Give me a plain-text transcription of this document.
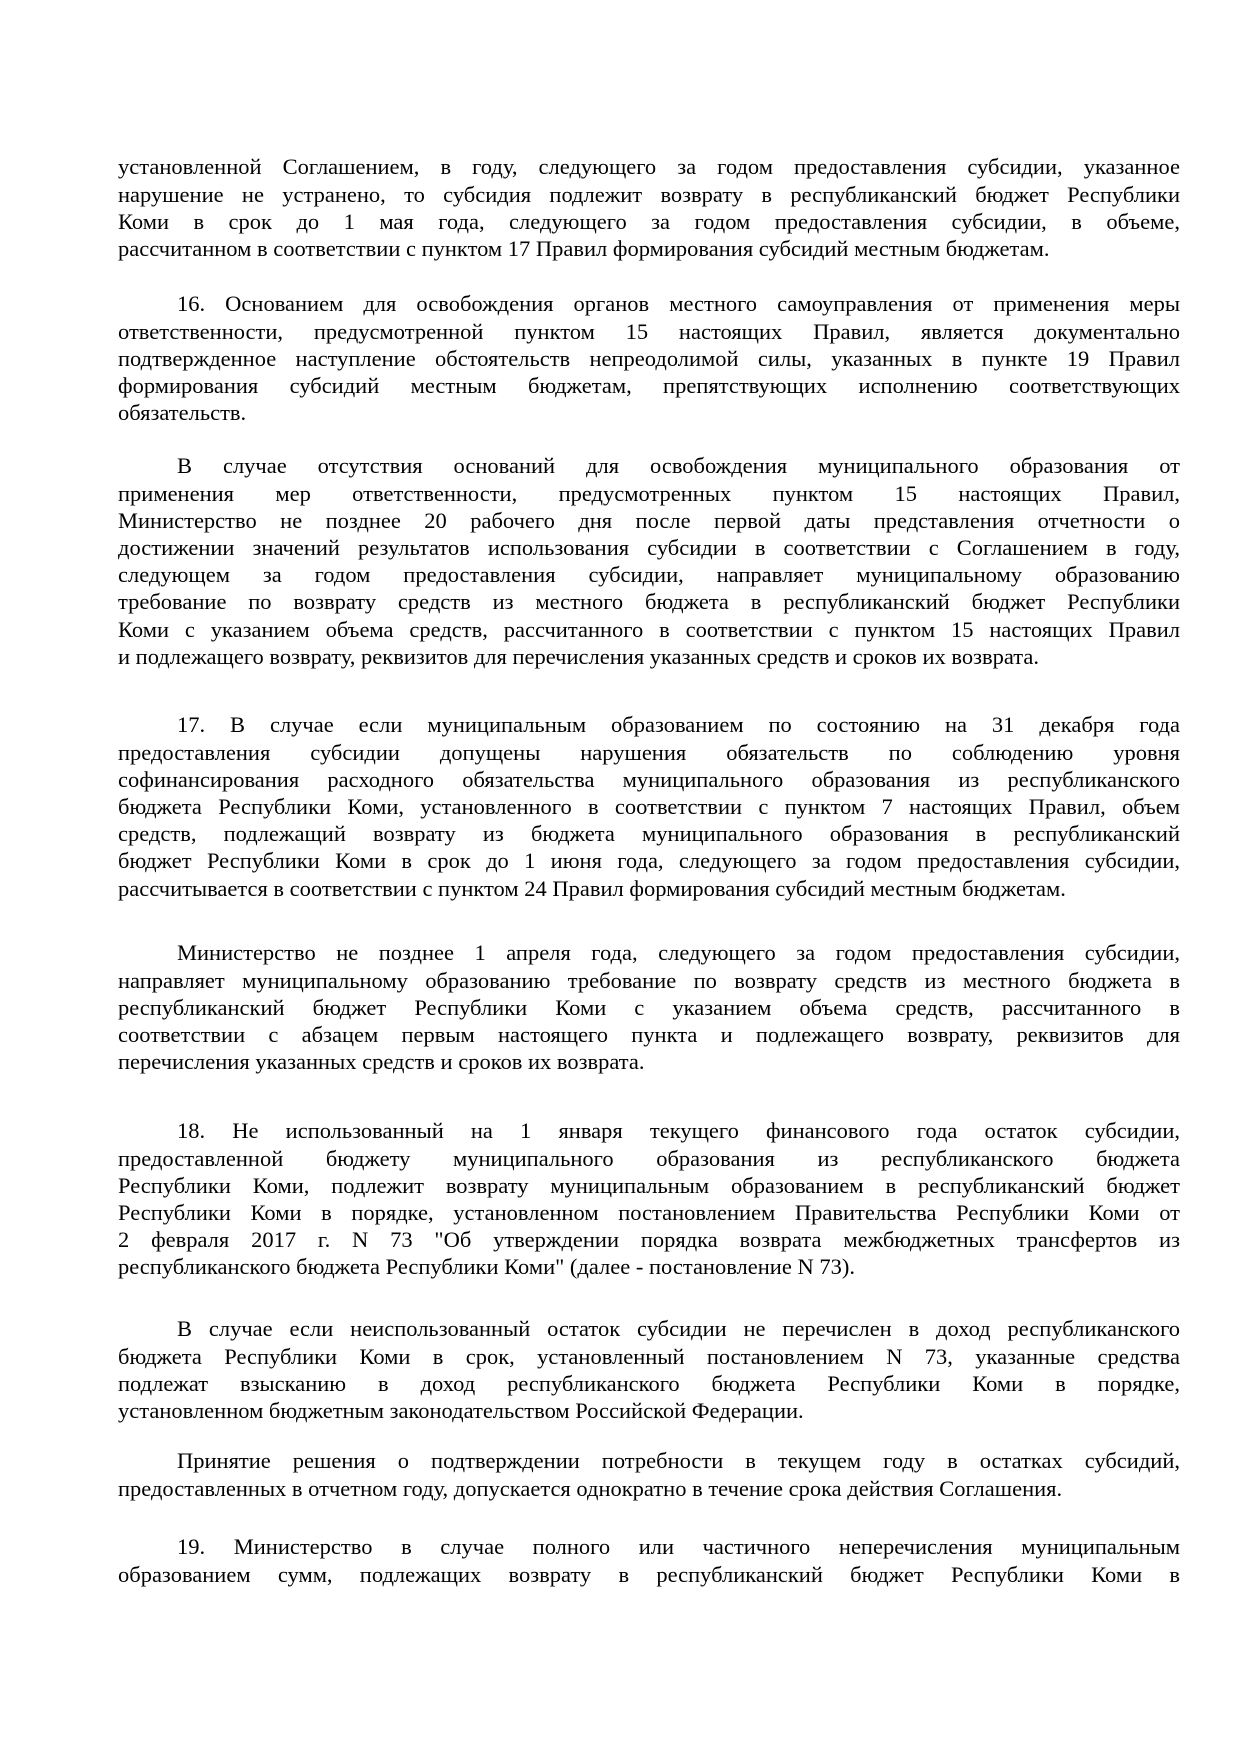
установленной Соглашением, в году, следующего за годом предоставления субсидии, указанное
нарушение не устранено, то субсидия подлежит возврату в республиканский бюджет Республики
Коми в срок до 1 мая года, следующего за годом предоставления субсидии, в объеме,
рассчитанном в соответствии с пунктом 17 Правил формирования субсидий местным бюджетам.
16. Основанием для освобождения органов местного самоуправления от применения меры
ответственности, предусмотренной пунктом 15 настоящих Правил, является документально
подтвержденное наступление обстоятельств непреодолимой силы, указанных в пункте 19 Правил
формирования субсидий местным бюджетам, препятствующих исполнению соответствующих
обязательств.
В случае отсутствия оснований для освобождения муниципального образования от
применения мер ответственности, предусмотренных пунктом 15 настоящих Правил,
Министерство не позднее 20 рабочего дня после первой даты представления отчетности о
достижении значений результатов использования субсидии в соответствии с Соглашением в году,
следующем за годом предоставления субсидии, направляет муниципальному образованию
требование по возврату средств из местного бюджета в республиканский бюджет Республики
Коми с указанием объема средств, рассчитанного в соответствии с пунктом 15 настоящих Правил
и подлежащего возврату, реквизитов для перечисления указанных средств и сроков их возврата.
17. В случае если муниципальным образованием по состоянию на 31 декабря года
предоставления субсидии допущены нарушения обязательств по соблюдению уровня
софинансирования расходного обязательства муниципального образования из республиканского
бюджета Республики Коми, установленного в соответствии с пунктом 7 настоящих Правил, объем
средств, подлежащий возврату из бюджета муниципального образования в республиканский
бюджет Республики Коми в срок до 1 июня года, следующего за годом предоставления субсидии,
рассчитывается в соответствии с пунктом 24 Правил формирования субсидий местным бюджетам.
Министерство не позднее 1 апреля года, следующего за годом предоставления субсидии,
направляет муниципальному образованию требование по возврату средств из местного бюджета в
республиканский бюджет Республики Коми с указанием объема средств, рассчитанного в
соответствии с абзацем первым настоящего пункта и подлежащего возврату, реквизитов для
перечисления указанных средств и сроков их возврата.
18. Не использованный на 1 января текущего финансового года остаток субсидии,
предоставленной бюджету муниципального образования из республиканского бюджета
Республики Коми, подлежит возврату муниципальным образованием в республиканский бюджет
Республики Коми в порядке, установленном постановлением Правительства Республики Коми от
2 февраля 2017 г. N 73 "Об утверждении порядка возврата межбюджетных трансфертов из
республиканского бюджета Республики Коми" (далее - постановление N 73).
В случае если неиспользованный остаток субсидии не перечислен в доход республиканского
бюджета Республики Коми в срок, установленный постановлением N 73, указанные средства
подлежат взысканию в доход республиканского бюджета Республики Коми в порядке,
установленном бюджетным законодательством Российской Федерации.
Принятие решения о подтверждении потребности в текущем году в остатках субсидий,
предоставленных в отчетном году, допускается однократно в течение срока действия Соглашения.
19. Министерство в случае полного или частичного неперечисления муниципальным
образованием сумм, подлежащих возврату в республиканский бюджет Республики Коми в
